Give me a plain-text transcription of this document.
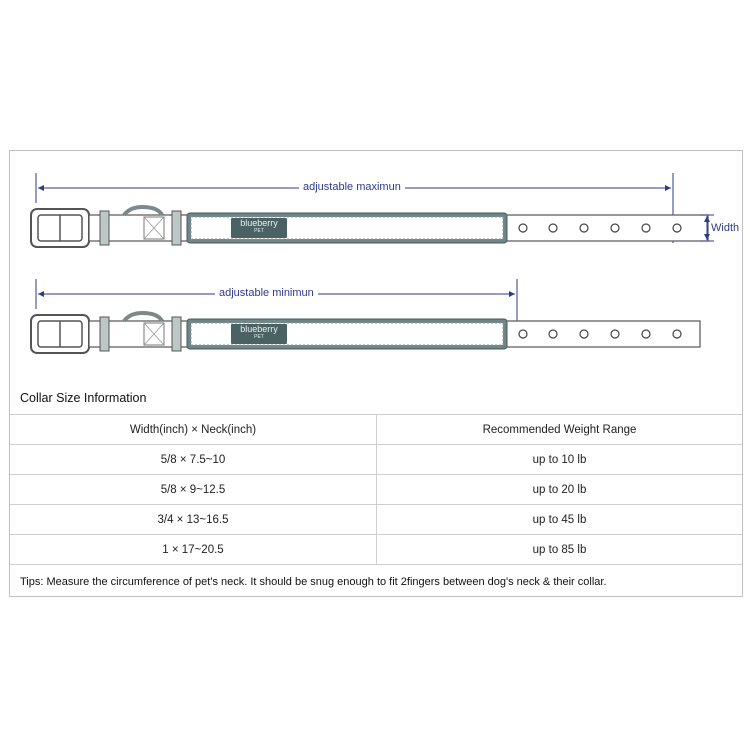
adjustable maximun
adjustable minimun
Width
blueberry
PET
blueberry
PET
Collar Size Information
Width(inch) × Neck(inch)	Recommended Weight Range
5/8 × 7.5~10	up to 10 lb
5/8 × 9~12.5	up to 20 lb
3/4 × 13~16.5	up to 45 lb
1 × 17~20.5	up to 85 lb
Tips: Measure the circumference of pet's neck. It should be snug enough to fit 2fingers between dog's neck & their collar.
